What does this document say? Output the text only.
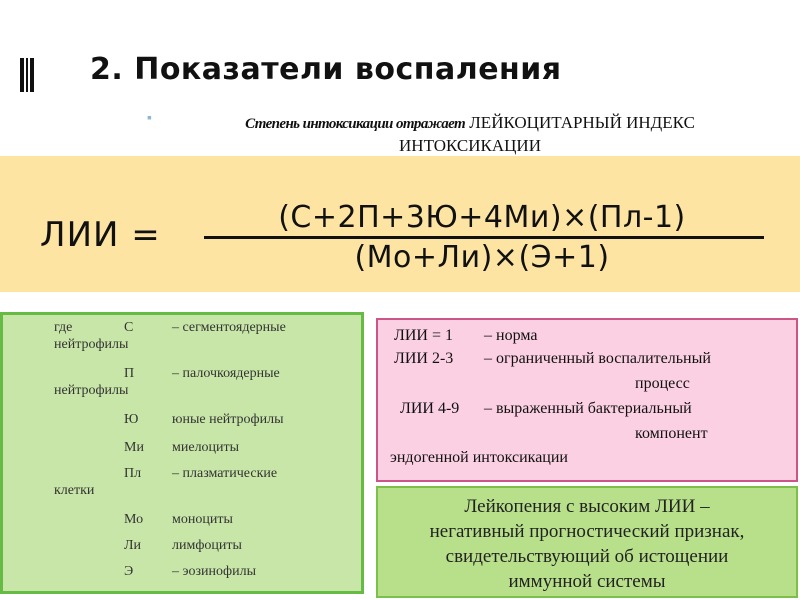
2. Показатели воспаления
▪	Степень интоксикации отражает ЛЕЙКОЦИТАРНЫЙ ИНДЕКС
ИНТОКСИКАЦИИ
ЛИИ =	(С+2П+3Ю+4Ми)×(Пл-1)
(Мо+Ли)×(Э+1)
где	С	– сегментоядерные
нейтрофилы
П	– палочкоядерные
нейтрофилы
Ю юные нейтрофилы
Ми миелоциты
Пл – плазматические
клетки
Мо моноциты
Ли лимфоциты
Э	– эозинофилы
ЛИИ = 1 – норма
ЛИИ 2-3 – ограниченный воспалительный
процесс
ЛИИ 4-9 – выраженный бактериальный
компонент
эндогенной интоксикации
Лейкопения с высоким ЛИИ –
негативный прогностический признак,
свидетельствующий об истощении
иммунной системы
